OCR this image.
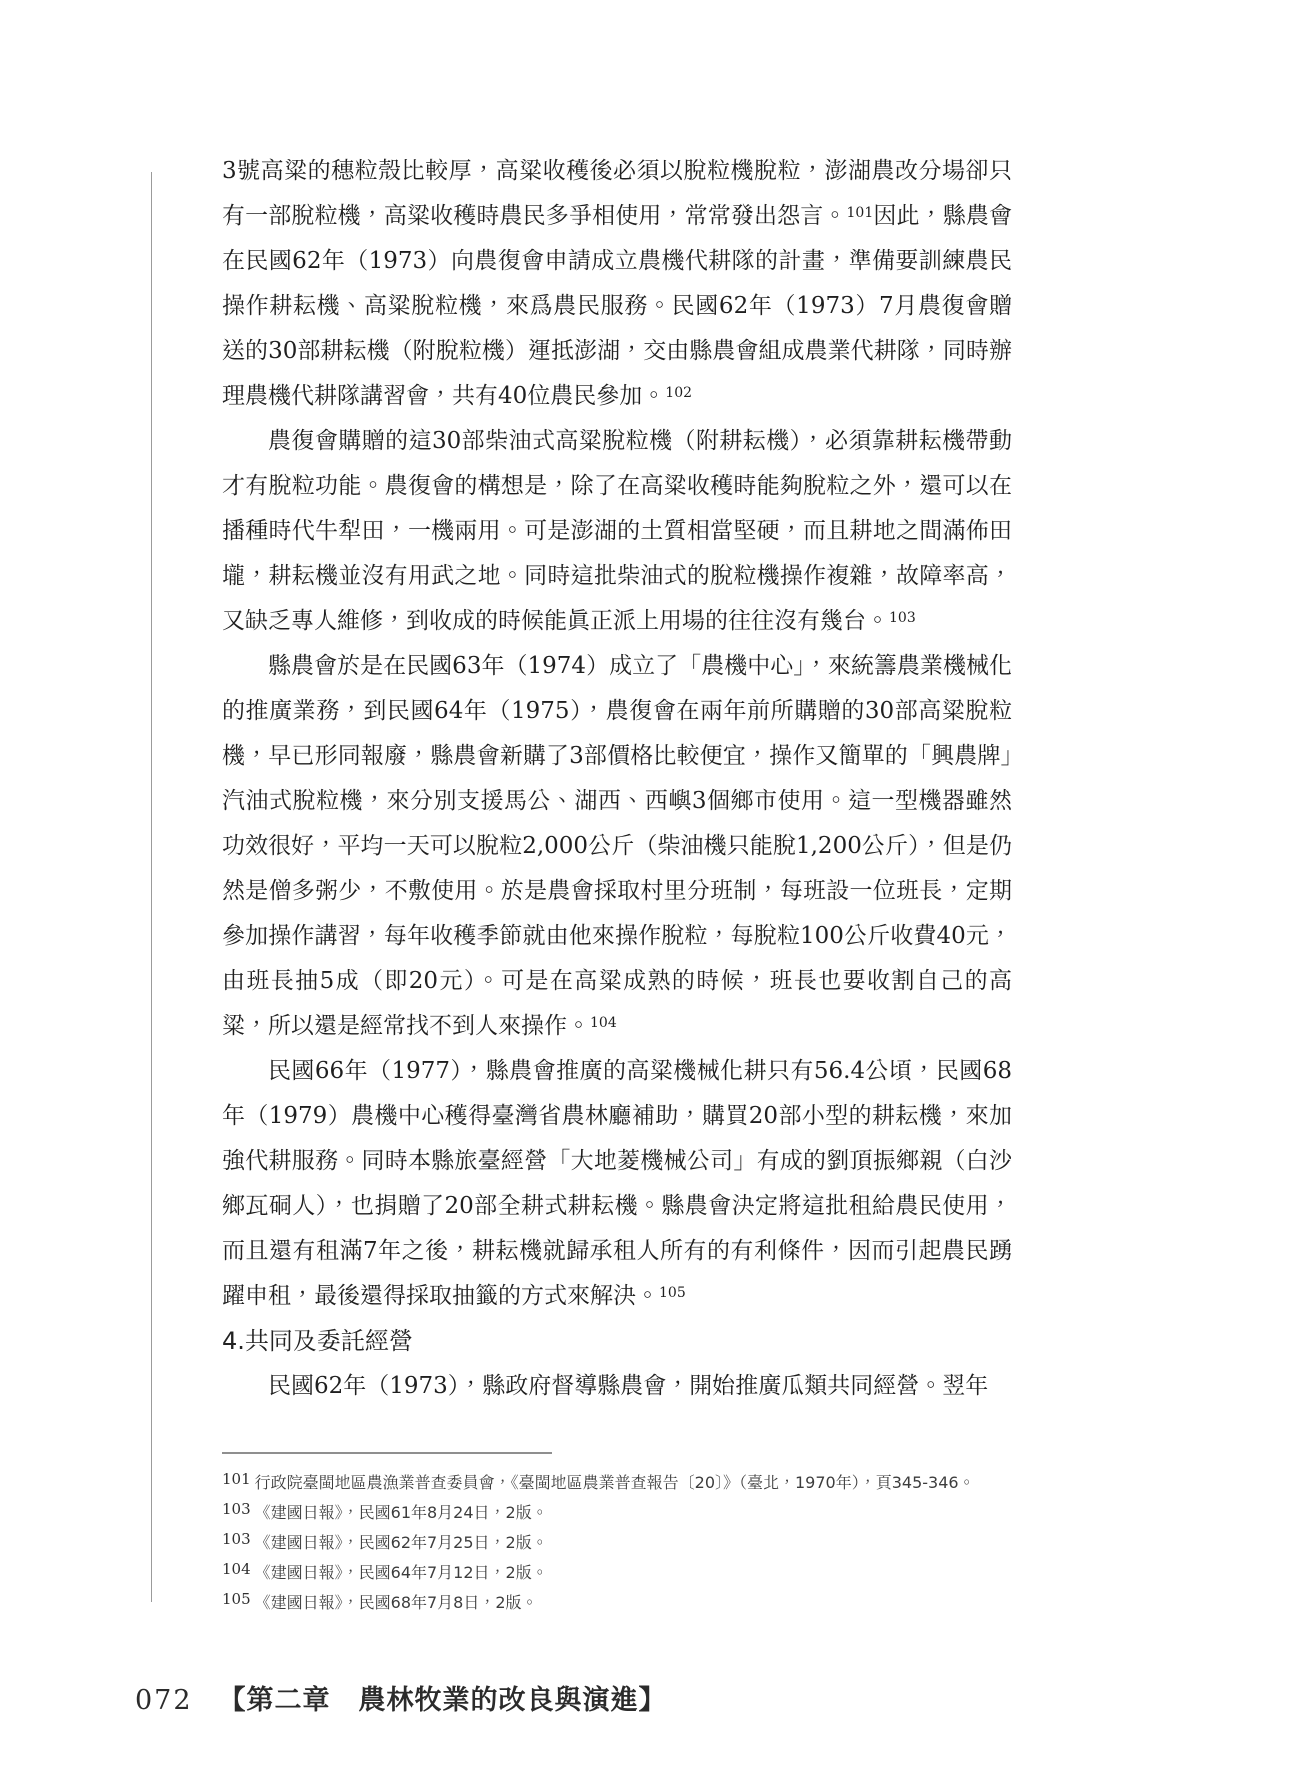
3號高粱的穗粒殼比較厚，高粱收穫後必須以脫粒機脫粒，澎湖農改分場卻只有一部脫粒機，高粱收穫時農民多爭相使用，常常發出怨言。$^{101}$因此，縣農會在民國62年（1973）向農復會申請成立農機代耕隊的計畫，準備要訓練農民操作耕耘機、高粱脫粒機，來爲農民服務。民國62年（1973）7月農復會贈送的30部耕耘機（附脫粒機）運抵澎湖，交由縣農會組成農業代耕隊，同時辦理農機代耕隊講習會，共有40位農民參加。$^{102}$

農復會購贈的這30部柴油式高粱脫粒機（附耕耘機），必須靠耕耘機帶動才有脫粒功能。農復會的構想是，除了在高粱收穫時能夠脫粒之外，還可以在播種時代牛犁田，一機兩用。可是澎湖的土質相當堅硬，而且耕地之間滿佈田壠，耕耘機並沒有用武之地。同時這批柴油式的脫粒機操作複雜，故障率高，又缺乏專人維修，到收成的時候能眞正派上用場的往往沒有幾台。$^{103}$

縣農會於是在民國63年（1974）成立了「農機中心」，來統籌農業機械化的推廣業務，到民國64年（1975），農復會在兩年前所購贈的30部高粱脫粒機，早已形同報廢，縣農會新購了3部價格比較便宜，操作又簡單的「興農牌」汽油式脫粒機，來分別支援馬公、湖西、西嶼3個鄉市使用。這一型機器雖然功效很好，平均一天可以脫粒2,000公斤（柴油機只能脫1,200公斤），但是仍然是僧多粥少，不敷使用。於是農會採取村里分班制，每班設一位班長，定期參加操作講習，每年收穫季節就由他來操作脫粒，每脫粒100公斤收費40元，由班長抽5成（即20元）。可是在高粱成熟的時候，班長也要收割自己的高粱，所以還是經常找不到人來操作。$^{104}$

民國66年（1977），縣農會推廣的高粱機械化耕只有56.4公頃，民國68年（1979）農機中心穫得臺灣省農林廳補助，購買20部小型的耕耘機，來加強代耕服務。同時本縣旅臺經營「大地菱機械公司」有成的劉頂振鄉親（白沙鄉瓦硐人），也捐贈了20部全耕式耕耘機。縣農會決定將這批租給農民使用，而且還有租滿7年之後，耕耘機就歸承租人所有的有利條件，因而引起農民踴躍申租，最後還得採取抽籤的方式來解決。$^{105}$

4.共同及委託經營

民國62年（1973），縣政府督導縣農會，開始推廣瓜類共同經營。翌年

101 行政院臺閩地區農漁業普查委員會，《臺閩地區農業普查報告〔20〕》（臺北，1970年），頁345-346。

103 《建國日報》，民國61年8月24日，2版。

103 《建國日報》，民國62年7月25日，2版。

104 《建國日報》，民國64年7月12日，2版。

105 《建國日報》，民國68年7月8日，2版。

072 【第二章　農林牧業的改良與演進】
